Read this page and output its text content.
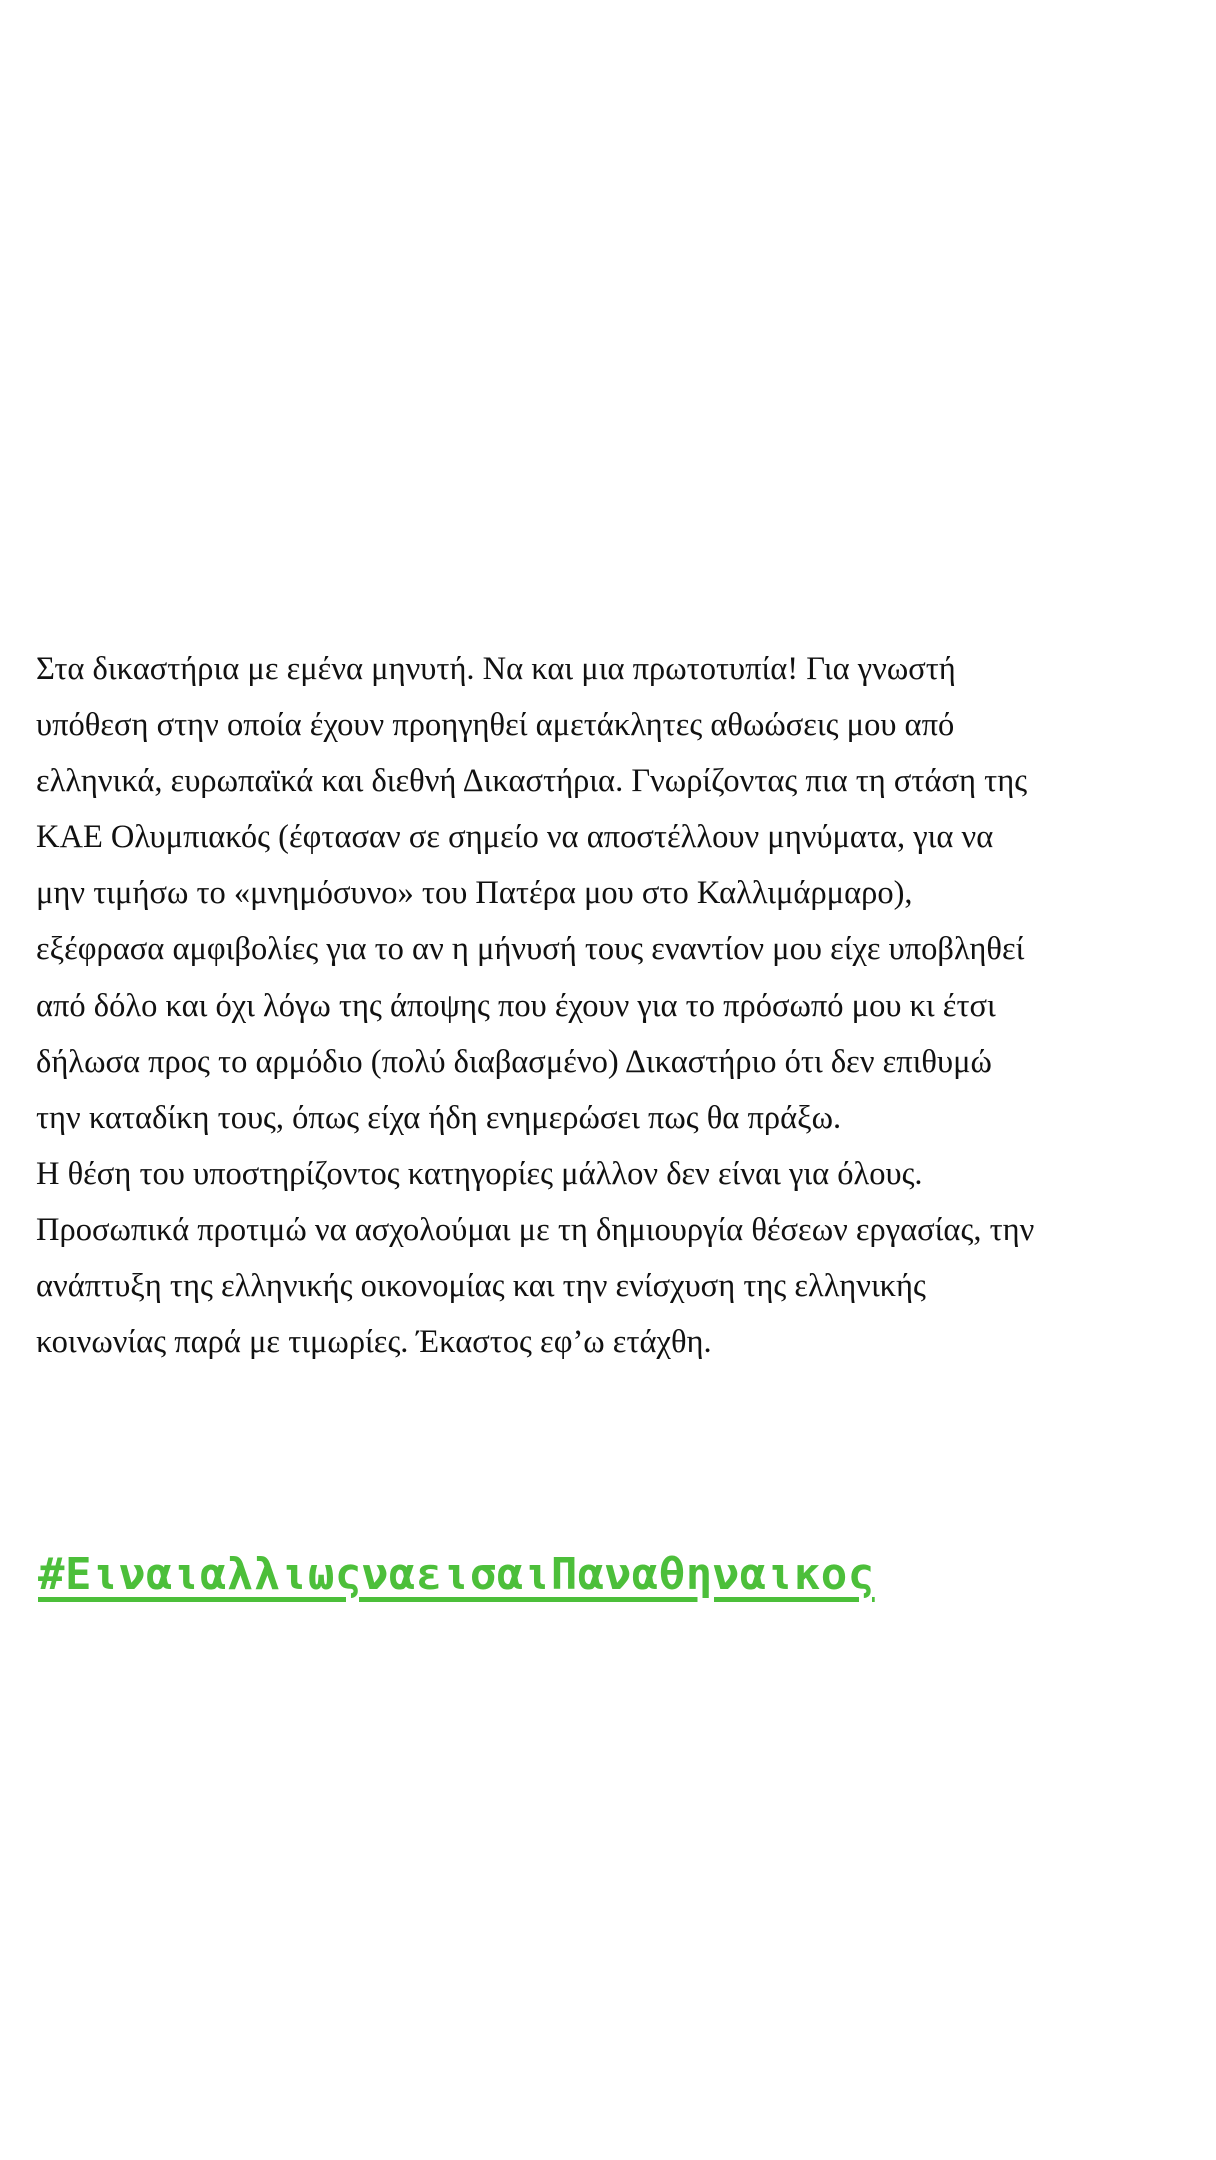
Στα δικαστήρια με εμένα μηνυτή. Να και μια πρωτοτυπία! Για γνωστή
υπόθεση στην οποία έχουν προηγηθεί αμετάκλητες αθωώσεις μου από
ελληνικά, ευρωπαϊκά και διεθνή Δικαστήρια. Γνωρίζοντας πια τη στάση της
ΚΑΕ Ολυμπιακός (έφτασαν σε σημείο να αποστέλλουν μηνύματα, για να
μην τιμήσω το «μνημόσυνο» του Πατέρα μου στο Καλλιμάρμαρο),
εξέφρασα αμφιβολίες για το αν η μήνυσή τους εναντίον μου είχε υποβληθεί
από δόλο και όχι λόγω της άποψης που έχουν για το πρόσωπό μου κι έτσι
δήλωσα προς το αρμόδιο (πολύ διαβασμένο) Δικαστήριο ότι δεν επιθυμώ
την καταδίκη τους, όπως είχα ήδη ενημερώσει πως θα πράξω.
Η θέση του υποστηρίζοντος κατηγορίες μάλλον δεν είναι για όλους.
Προσωπικά προτιμώ να ασχολούμαι με τη δημιουργία θέσεων εργασίας, την
ανάπτυξη της ελληνικής οικονομίας και την ενίσχυση της ελληνικής
κοινωνίας παρά με τιμωρίες. Έκαστος εφ’ω ετάχθη.
#ΕιναιαλλιωςναεισαιΠαναθηναικος
